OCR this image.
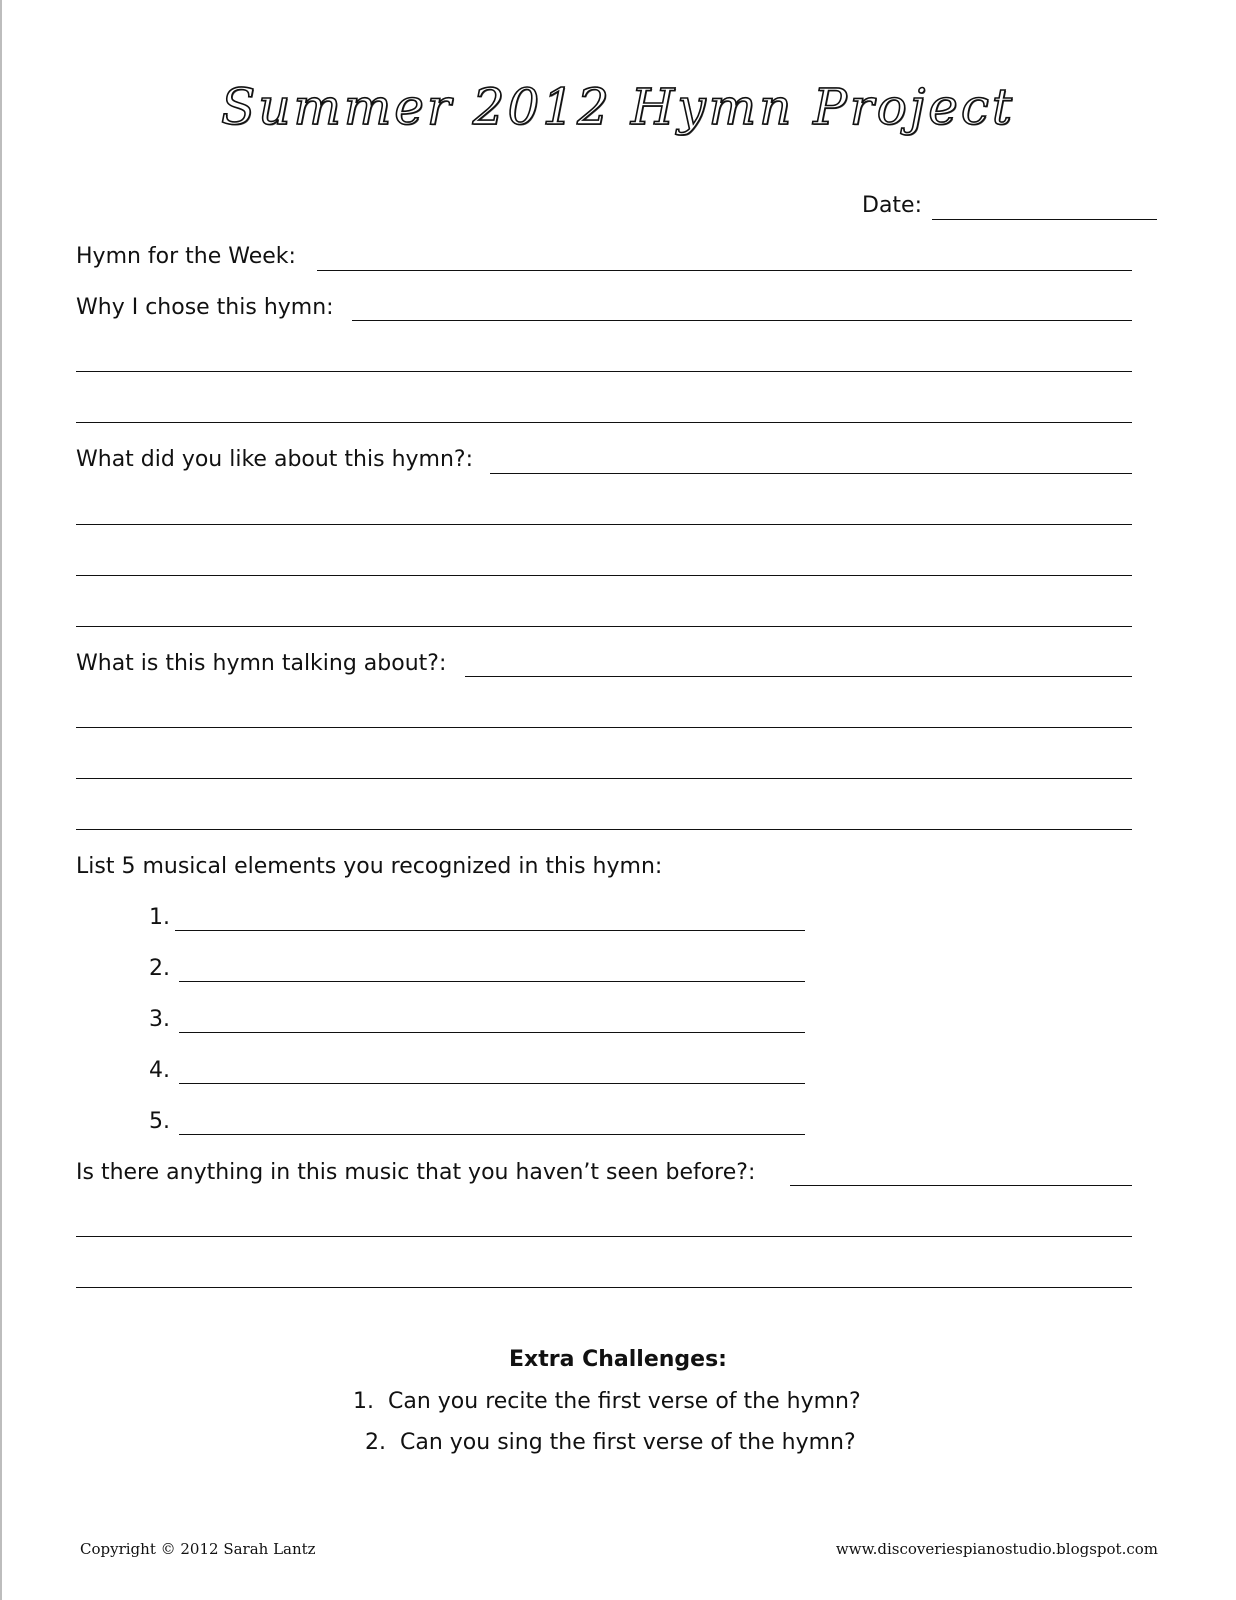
Summer 2012 Hymn Project
Date:
Hymn for the Week:
Why I chose this hymn:
What did you like about this hymn?:
What is this hymn talking about?:
List 5 musical elements you recognized in this hymn:
1.
2.
3.
4.
5.
Is there anything in this music that you haven’t seen before?:
Extra Challenges:
1. Can you recite the first verse of the hymn?
2. Can you sing the first verse of the hymn?
Copyright © 2012 Sarah Lantz	www.discoveriespianostudio.blogspot.com
